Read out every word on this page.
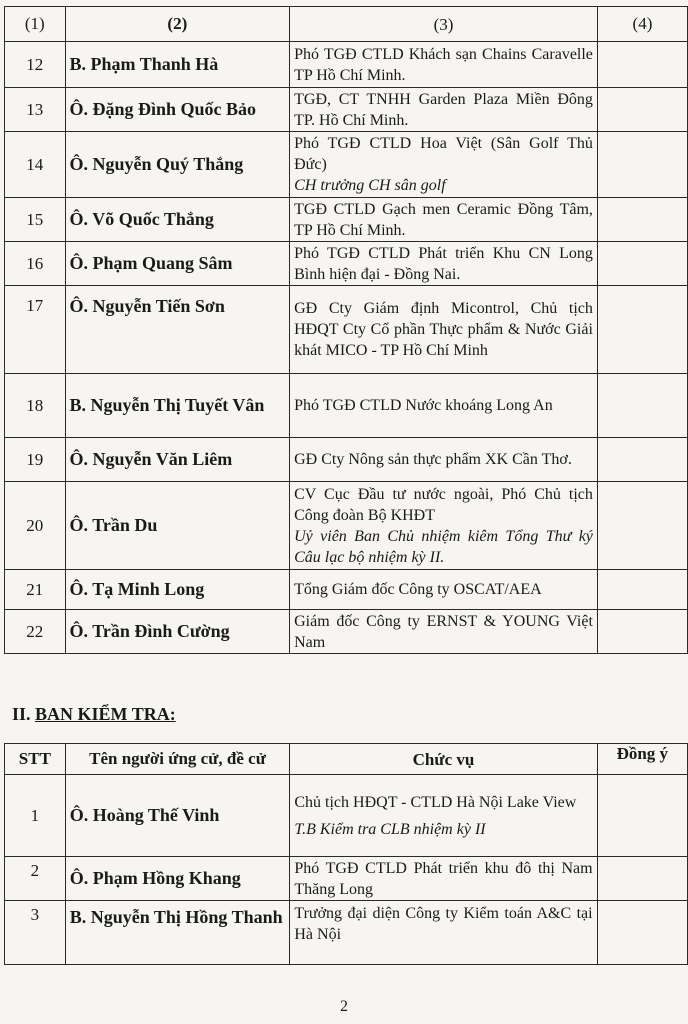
(1)	(2)	(3)	(4)
12	B. Phạm Thanh Hà	Phó TGĐ CTLD Khách sạn Chains Caravelle TP Hồ Chí Minh.	
13	Ô. Đặng Đình Quốc Bảo	TGĐ, CT TNHH Garden Plaza Miền Đông TP. Hồ Chí Minh.	
14	Ô. Nguyễn Quý Thắng	Phó TGĐ CTLD Hoa Việt (Sân Golf Thủ Đức)
CH trưởng CH sân golf	

15	Ô. Võ Quốc Thắng	TGĐ CTLD Gạch men Ceramic Đồng Tâm, TP Hồ Chí Minh.	
16	Ô. Phạm Quang Sâm	Phó TGĐ CTLD Phát triển Khu CN Long Bình hiện đại - Đồng Nai.	
17	Ô. Nguyễn Tiến Sơn	GĐ Cty Giám định Micontrol, Chủ tịch HĐQT Cty Cổ phần Thực phẩm & Nước Giải khát MICO - TP Hồ Chí Minh	
18	B. Nguyễn Thị Tuyết Vân	Phó TGĐ CTLD Nước khoáng Long An	
19	Ô. Nguyễn Văn Liêm	GĐ Cty Nông sản thực phẩm XK Cần Thơ.	
20	Ô. Trần Du	CV Cục Đầu tư nước ngoài, Phó Chủ tịch Công đoàn Bộ KHĐT
Uỷ viên Ban Chủ nhiệm kiêm Tổng Thư ký Câu lạc bộ nhiệm kỳ II.	

21	Ô. Tạ Minh Long	Tổng Giám đốc Công ty OSCAT/AEA	
22	Ô. Trần Đình Cường	Giám đốc Công ty ERNST & YOUNG Việt Nam	
II. BAN KIỂM TRA:
STT	Tên người ứng cử, đề cử	Chức vụ	Đồng ý
1	Ô. Hoàng Thế Vinh	Chủ tịch HĐQT - CTLD Hà Nội Lake View
T.B Kiểm tra CLB nhiệm kỳ II	

2	Ô. Phạm Hồng Khang	Phó TGĐ CTLD Phát triển khu đô thị Nam Thăng Long	
3	B. Nguyễn Thị Hồng Thanh	Trưởng đại diện Công ty Kiểm toán A&C tại Hà Nội	
2
